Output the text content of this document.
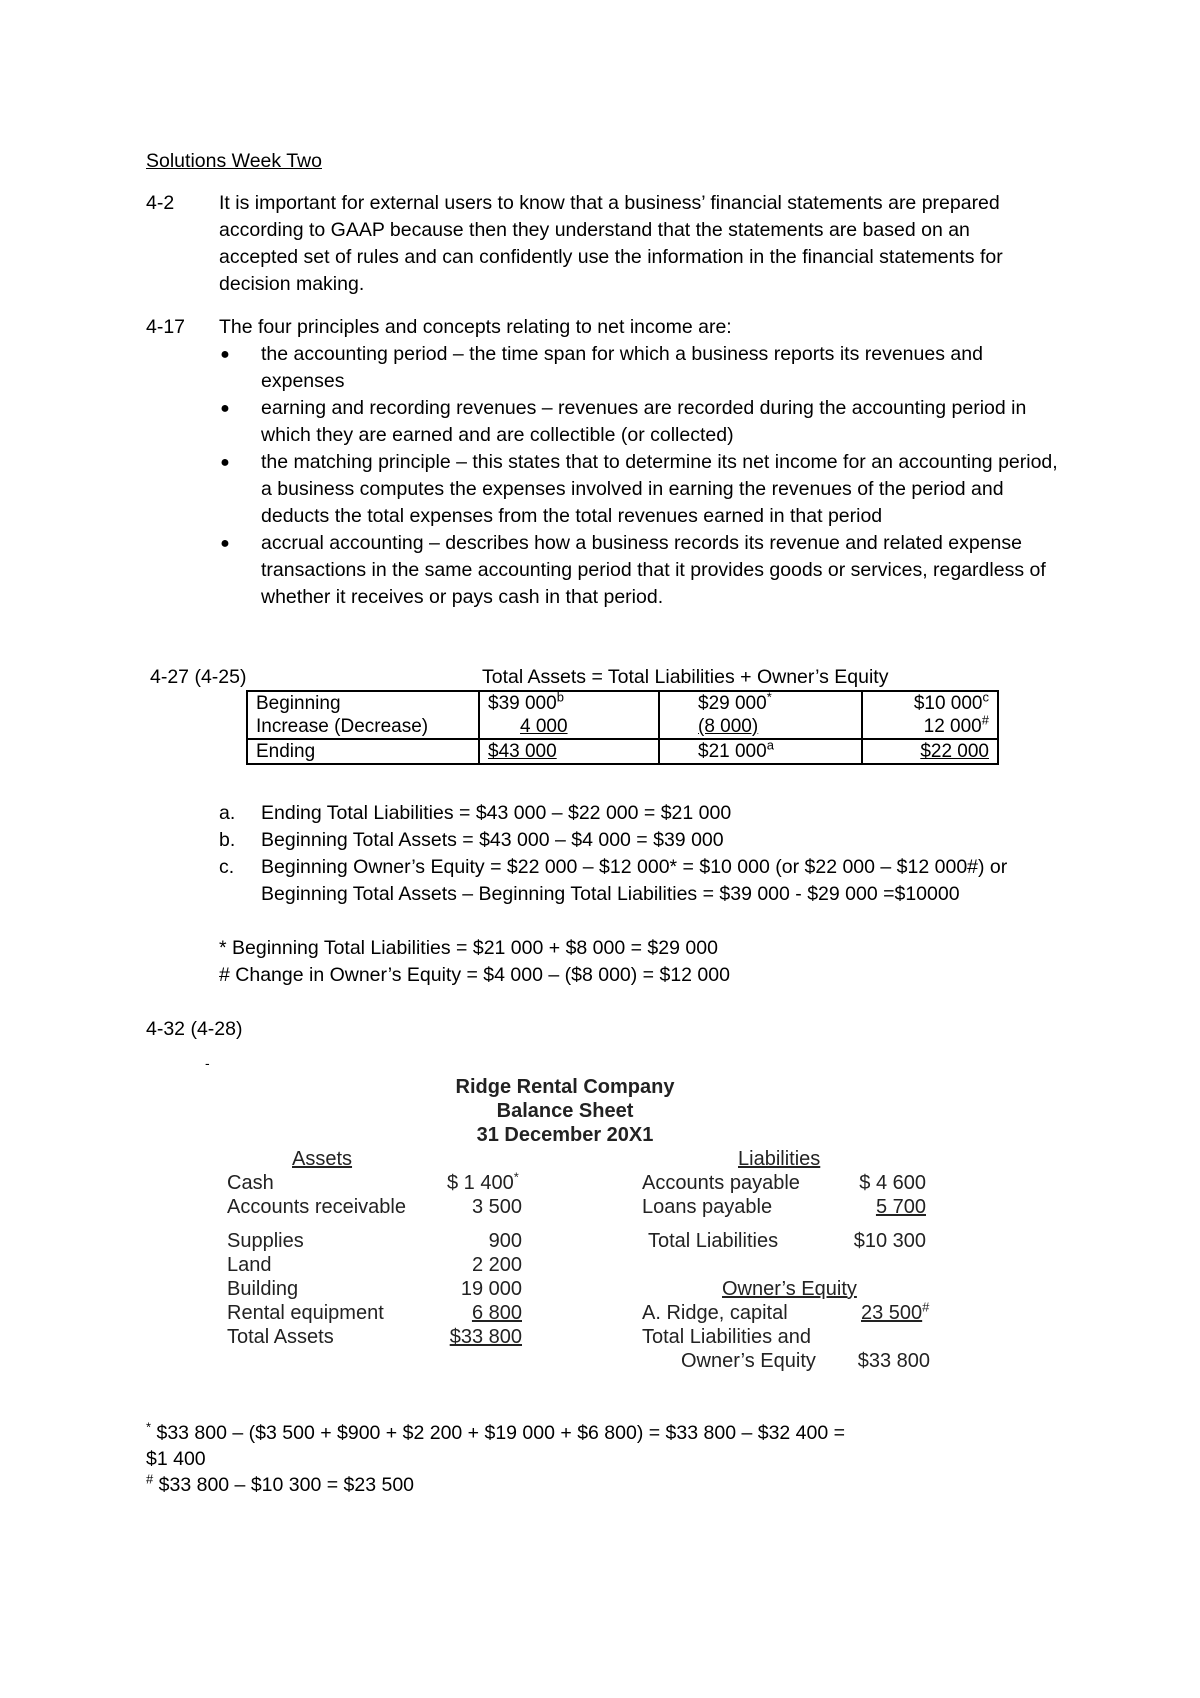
Solutions Week Two
4-2 It is important for external users to know that a business’ financial statements are prepared according to GAAP because then they understand that the statements are based on an accepted set of rules and can confidently use the information in the financial statements for decision making.
4-17 The four principles and concepts relating to net income are:
● the accounting period – the time span for which a business reports its revenues and expenses
● earning and recording revenues – revenues are recorded during the accounting period in which they are earned and are collectible (or collected)
● the matching principle – this states that to determine its net income for an accounting period, a business computes the expenses involved in earning the revenues of the period and deducts the total expenses from the total revenues earned in that period
● accrual accounting – describes how a business records its revenue and related expense transactions in the same accounting period that it provides goods or services, regardless of whether it receives or pays cash in that period.
4-27 (4-25)	Total Assets = Total Liabilities + Owner’s Equity
Beginning	$39 000$^b$	$29 000*	$10 000$^c$
Increase (Decrease)	4 000	(8 000)	12 000#
Ending	$43 000	$21 000$^a$	$22 000
a. Ending Total Liabilities = $43 000 – $22 000 = $21 000
b. Beginning Total Assets = $43 000 – $4 000 = $39 000
c. Beginning Owner’s Equity = $22 000 – $12 000* = $10 000 (or $22 000 – $12 000#) or Beginning Total Assets – Beginning Total Liabilities = $39 000 - $29 000 =$10000
* Beginning Total Liabilities = $21 000 + $8 000 = $29 000
# Change in Owner’s Equity = $4 000 – ($8 000) = $12 000
4-32 (4-28)
-
Ridge Rental Company
Balance Sheet
31 December 20X1
Assets	Liabilities
Cash	$ 1 400*
Accounts receivable	3 500
Supplies	900
Land	2 200
Building	19 000
Rental equipment	6 800
Total Assets	$33 800
Accounts payable	$ 4 600
Loans payable	5 700
Total Liabilities	$10 300
Owner’s Equity
A. Ridge, capital	23 500#
Total Liabilities and
Owner’s Equity	$33 800
* $33 800 – ($3 500 + $900 + $2 200 + $19 000 + $6 800) = $33 800 – $32 400 =
$1 400
# $33 800 – $10 300 = $23 500
